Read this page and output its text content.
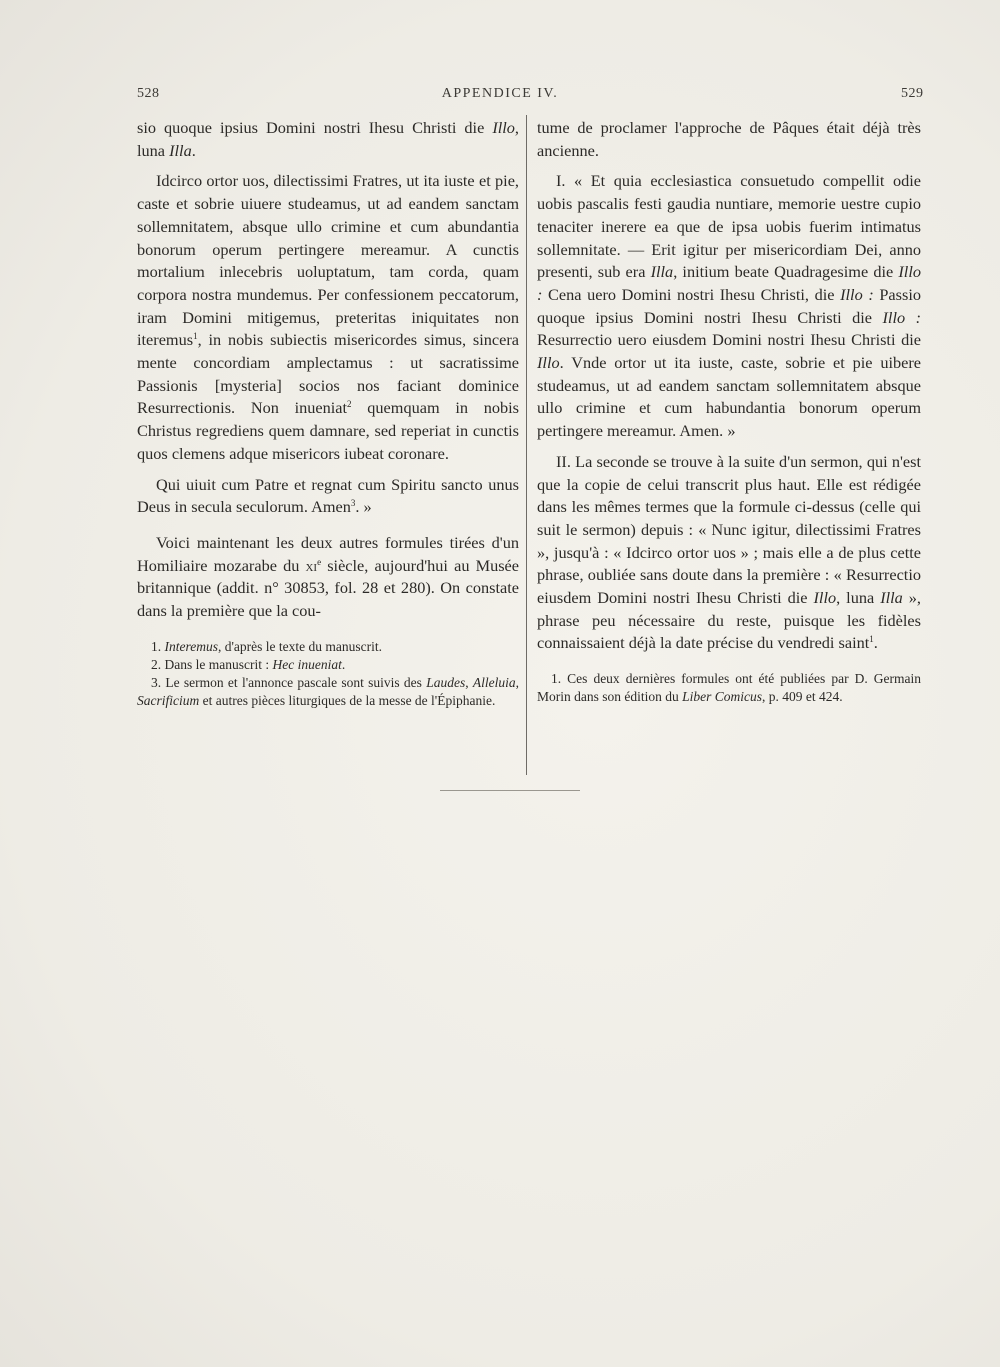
528	APPENDICE IV.	529

sio quoque ipsius Domini nostri Ihesu Christi die Illo, luna Illa.

Idcirco ortor uos, dilectissimi Fratres, ut ita iuste et pie, caste et sobrie uiuere studeamus, ut ad eandem sanctam sollemnitatem, absque ullo crimine et cum abundantia bonorum operum pertingere mereamur. A cunctis mortalium inlecebris uoluptatum, tam corda, quam corpora nostra mundemus. Per confessionem peccatorum, iram Domini mitigemus, preteritas iniquitates non iteremus$^1$, in nobis subiectis misericordes simus, sincera mente concordiam amplectamus : ut sacratissime Passionis [mysteria] socios nos faciant dominice Resurrectionis. Non inueniat$^2$ quemquam in nobis Christus regrediens quem damnare, sed reperiat in cunctis quos clemens adque misericors iubeat coronare.

Qui uiuit cum Patre et regnat cum Spiritu sancto unus Deus in secula seculorum. Amen$^3$. »

Voici maintenant les deux autres formules tirées d'un Homiliaire mozarabe du $xi^e$ siècle, aujourd'hui au Musée britannique (addit. n° 30853, fol. 28 et 280). On constate dans la première que la cou-

1. Interemus, d'après le texte du manuscrit.

2. Dans le manuscrit : Hec inueniat.

3. Le sermon et l'annonce pascale sont suivis des Laudes, Alleluia, Sacrificium et autres pièces liturgiques de la messe de l'Épiphanie.

tume de proclamer l'approche de Pâques était déjà très ancienne.

I. « Et quia ecclesiastica consuetudo compellit odie uobis pascalis festi gaudia nuntiare, memorie uestre cupio tenaciter inerere ea que de ipsa uobis fuerim intimatus sollemnitate. — Erit igitur per misericordiam Dei, anno presenti, sub era Illa, initium beate Quadragesime die Illo : Cena uero Domini nostri Ihesu Christi, die Illo : Passio quoque ipsius Domini nostri Ihesu Christi die Illo : Resurrectio uero eiusdem Domini nostri Ihesu Christi die Illo. Vnde ortor ut ita iuste, caste, sobrie et pie uibere studeamus, ut ad eandem sanctam sollemnitatem absque ullo crimine et cum habundantia bonorum operum pertingere mereamur. Amen. »

II. La seconde se trouve à la suite d'un sermon, qui n'est que la copie de celui transcrit plus haut. Elle est rédigée dans les mêmes termes que la formule ci-dessus (celle qui suit le sermon) depuis : « Nunc igitur, dilectissimi Fratres », jusqu'à : « Idcirco ortor uos » ; mais elle a de plus cette phrase, oubliée sans doute dans la première : « Resurrectio eiusdem Domini nostri Ihesu Christi die Illo, luna Illa », phrase peu nécessaire du reste, puisque les fidèles connaissaient déjà la date précise du vendredi saint$^1$.

1. Ces deux dernières formules ont été publiées par D. Germain Morin dans son édition du Liber Comicus, p. 409 et 424.
